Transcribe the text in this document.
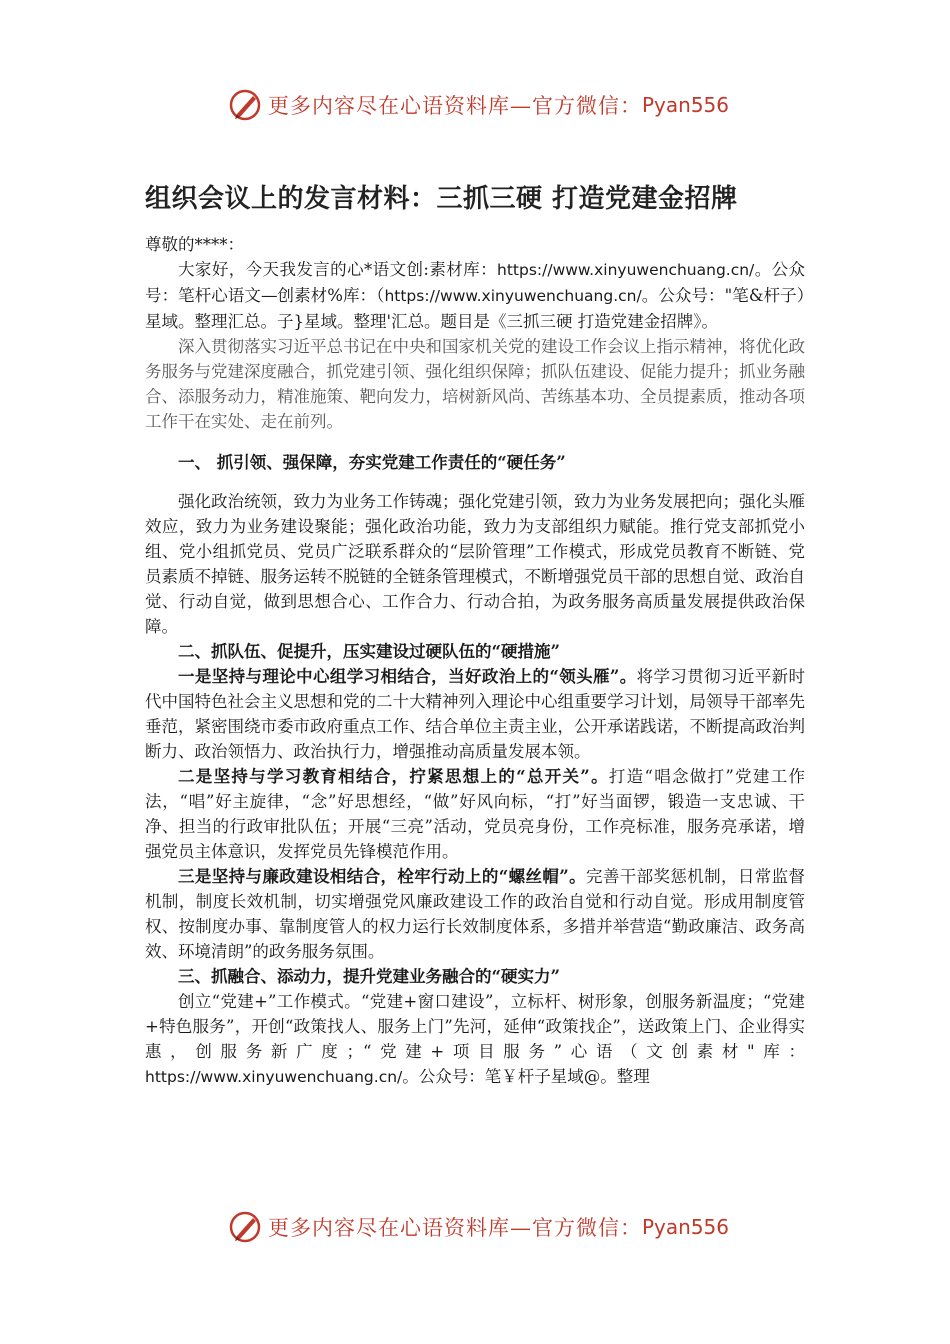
更多内容尽在心语资料库—官方微信： Pyan556
组织会议上的发言材料：三抓三硬 打造党建金招牌

尊敬的****：

大家好，今天我发言的心*语文创:素材库：https://www.xinyuwenchuang.cn/。公众号：笔杆心语文—创素材%库：（https://www.xinyuwenchuang.cn/。公众号："笔&杆子）星域。整理汇总。子}星域。整理'汇总。题目是《三抓三硬 打造党建金招牌》。

深入贯彻落实习近平总书记在中央和国家机关党的建设工作会议上指示精神，将优化政务服务与党建深度融合，抓党建引领、强化组织保障；抓队伍建设、促能力提升；抓业务融合、添服务动力，精准施策、靶向发力，培树新风尚、苦练基本功、全员提素质，推动各项工作干在实处、走在前列。

一、 抓引领、强保障，夯实党建工作责任的“硬任务”

强化政治统领，致力为业务工作铸魂；强化党建引领，致力为业务发展把向；强化头雁效应，致力为业务建设聚能；强化政治功能，致力为支部组织力赋能。推行党支部抓党小组、党小组抓党员、党员广泛联系群众的“层阶管理”工作模式，形成党员教育不断链、党员素质不掉链、服务运转不脱链的全链条管理模式，不断增强党员干部的思想自觉、政治自觉、行动自觉，做到思想合心、工作合力、行动合拍，为政务服务高质量发展提供政治保障。

二、抓队伍、促提升，压实建设过硬队伍的“硬措施”

一是坚持与理论中心组学习相结合，当好政治上的“领头雁”。将学习贯彻习近平新时代中国特色社会主义思想和党的二十大精神列入理论中心组重要学习计划，局领导干部率先垂范，紧密围绕市委市政府重点工作、结合单位主责主业，公开承诺践诺，不断提高政治判断力、政治领悟力、政治执行力，增强推动高质量发展本领。

二是坚持与学习教育相结合，拧紧思想上的“总开关”。打造“唱念做打”党建工作法，“唱”好主旋律，“念”好思想经，“做”好风向标，“打”好当面锣，锻造一支忠诚、干净、担当的行政审批队伍；开展“三亮”活动，党员亮身份，工作亮标准，服务亮承诺，增强党员主体意识，发挥党员先锋模范作用。

三是坚持与廉政建设相结合，栓牢行动上的“螺丝帽”。完善干部奖惩机制，日常监督机制，制度长效机制，切实增强党风廉政建设工作的政治自觉和行动自觉。形成用制度管权、按制度办事、靠制度管人的权力运行长效制度体系，多措并举营造“勤政廉洁、政务高效、环境清朗”的政务服务氛围。

三、抓融合、添动力，提升党建业务融合的“硬实力”

创立“党建+”工作模式。“党建+窗口建设”，立标杆、树形象，创服务新温度；“党建+特色服务”，开创“政策找人、服务上门”先河，延伸“政策找企”，送政策上门、企业得实惠，创服务新广度；“党建+项目服务”心语（文创素材"库：https://www.xinyuwenchuang.cn/。公众号：笔￥杆子星域@。整理

更多内容尽在心语资料库—官方微信： Pyan556
